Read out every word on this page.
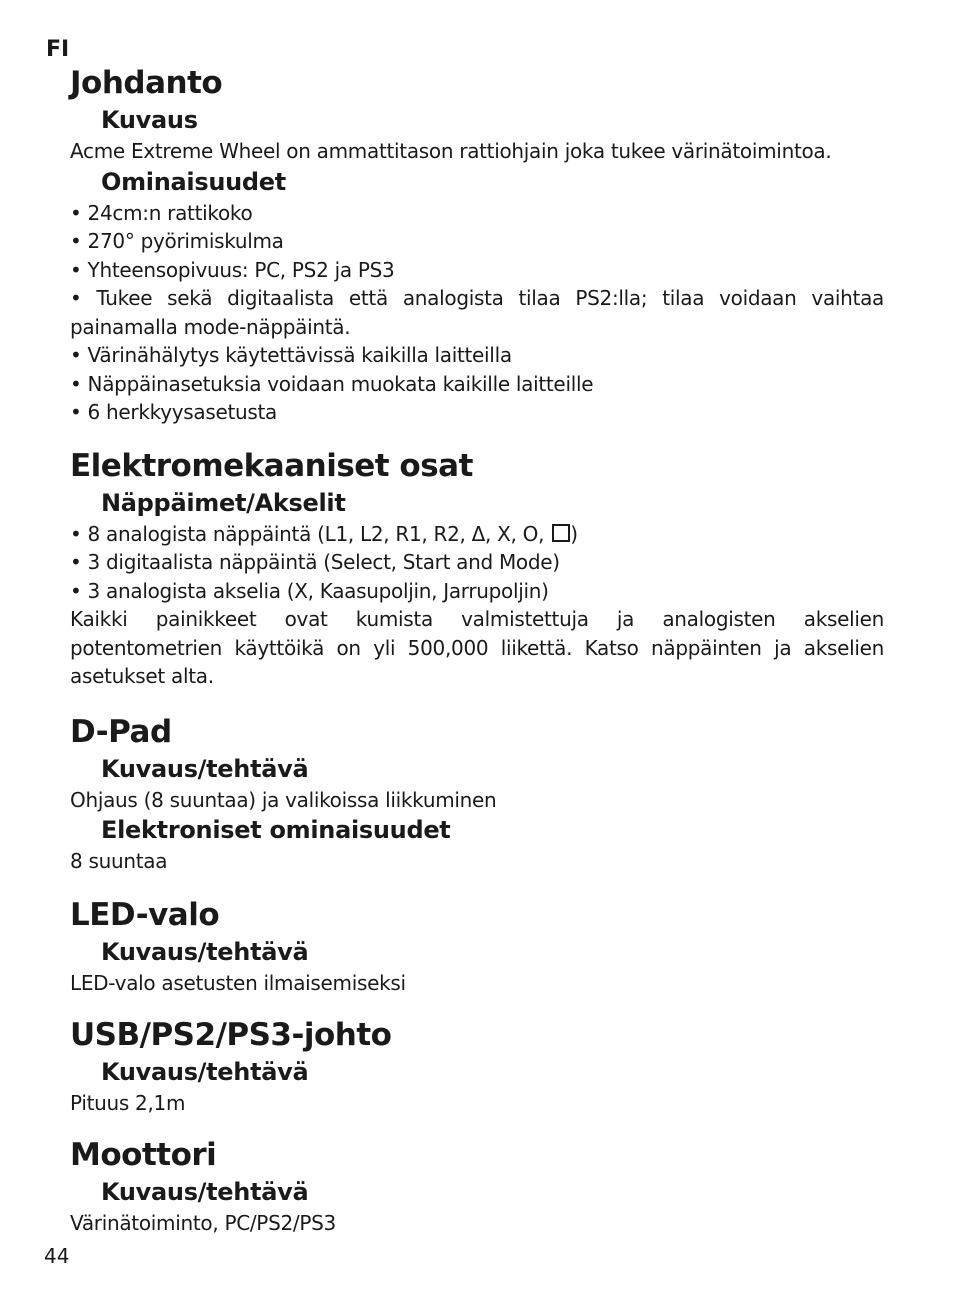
FI
Johdanto
Kuvaus

Acme Extreme Wheel on ammattitason rattiohjain joka tukee värinätoimintoa.

Ominaisuudet

• 24cm:n rattikoko

• 270° pyörimiskulma

• Yhteensopivuus: PC, PS2 ja PS3

• Tukee sekä digitaalista että analogista tilaa PS2:lla; tilaa voidaan vaihtaa painamalla mode-näppäintä.

• Värinähälytys käytettävissä kaikilla laitteilla

• Näppäinasetuksia voidaan muokata kaikille laitteille

• 6 herkkyysasetusta

Elektromekaaniset osat
Näppäimet/Akselit

• 8 analogista näppäintä (L1, L2, R1, R2, Δ, X, O, )

• 3 digitaalista näppäintä (Select, Start and Mode)

• 3 analogista akselia (X, Kaasupoljin, Jarrupoljin)

Kaikki painikkeet ovat kumista valmistettuja ja analogisten akselien potentometrien käyttöikä on yli 500,000 liikettä. Katso näppäinten ja akselien asetukset alta.

D-Pad
Kuvaus/tehtävä

Ohjaus (8 suuntaa) ja valikoissa liikkuminen

Elektroniset ominaisuudet

8 suuntaa

LED-valo
Kuvaus/tehtävä

LED-valo asetusten ilmaisemiseksi

USB/PS2/PS3-johto
Kuvaus/tehtävä

Pituus 2,1m

Moottori
Kuvaus/tehtävä

Värinätoiminto, PC/PS2/PS3

44
